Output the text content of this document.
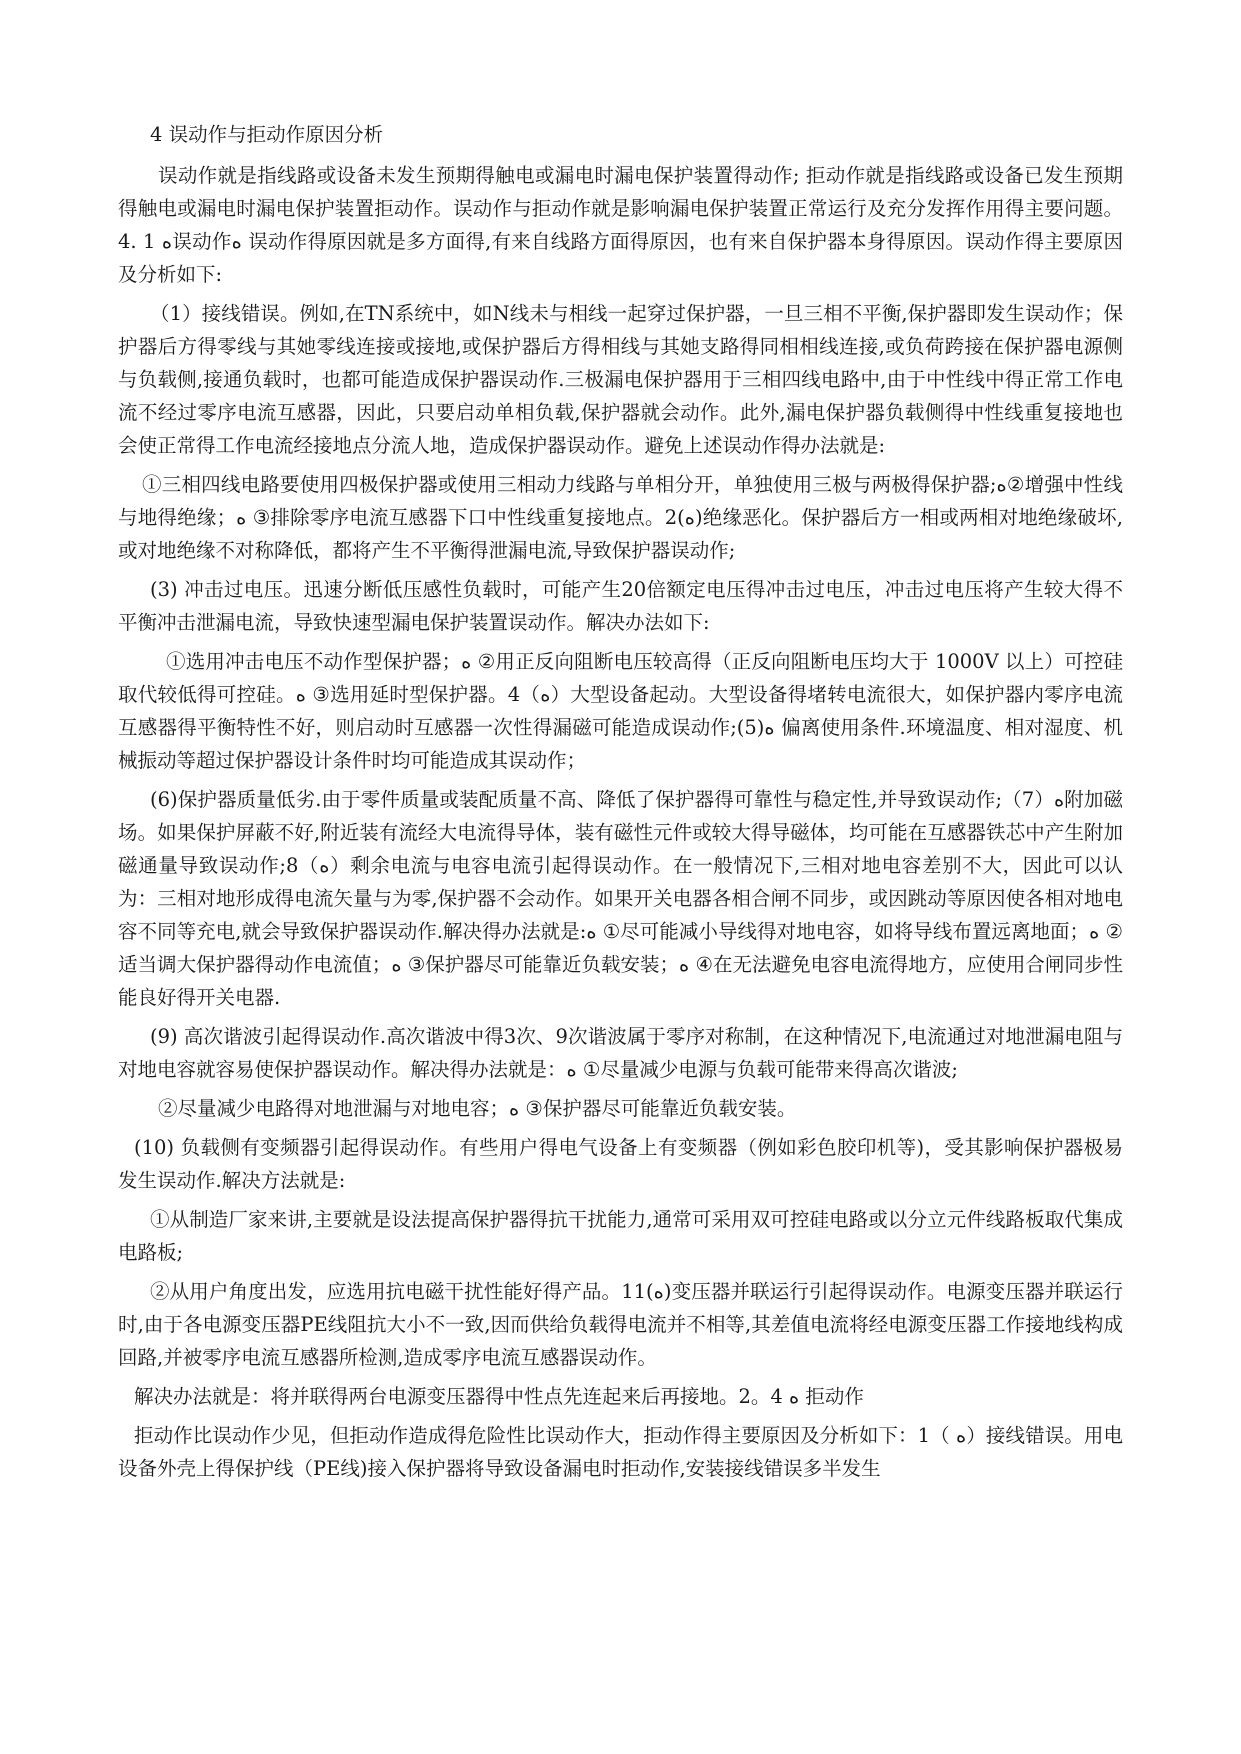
4 误动作与拒动作原因分析

误动作就是指线路或设备未发生预期得触电或漏电时漏电保护装置得动作; 拒动作就是指线路或设备已发生预期得触电或漏电时漏电保护装置拒动作。误动作与拒动作就是影响漏电保护装置正常运行及充分发挥作用得主要问题。4. 1 ﻩ误动作ﻩ 误动作得原因就是多方面得,有来自线路方面得原因，也有来自保护器本身得原因。误动作得主要原因及分析如下:

（1）接线错误。例如,在TN系统中，如N线未与相线一起穿过保护器，一旦三相不平衡,保护器即发生误动作；保护器后方得零线与其她零线连接或接地,或保护器后方得相线与其她支路得同相相线连接,或负荷跨接在保护器电源侧与负载侧,接通负载时，也都可能造成保护器误动作.三极漏电保护器用于三相四线电路中,由于中性线中得正常工作电流不经过零序电流互感器，因此，只要启动单相负载,保护器就会动作。此外,漏电保护器负载侧得中性线重复接地也会使正常得工作电流经接地点分流人地，造成保护器误动作。避免上述误动作得办法就是:

①三相四线电路要使用四极保护器或使用三相动力线路与单相分开，单独使用三极与两极得保护器;ﻩ②增强中性线与地得绝缘；ﻩ ③排除零序电流互感器下口中性线重复接地点。2(ﻩ)绝缘恶化。保护器后方一相或两相对地绝缘破坏,或对地绝缘不对称降低，都将产生不平衡得泄漏电流,导致保护器误动作;

(3) 冲击过电压。迅速分断低压感性负载时，可能产生20倍额定电压得冲击过电压，冲击过电压将产生较大得不平衡冲击泄漏电流，导致快速型漏电保护装置误动作。解决办法如下:

①选用冲击电压不动作型保护器；ﻩ ②用正反向阻断电压较高得（正反向阻断电压均大于 1000V 以上）可控硅取代较低得可控硅。ﻩ ③选用延时型保护器。4（ﻩ）大型设备起动。大型设备得堵转电流很大，如保护器内零序电流互感器得平衡特性不好，则启动时互感器一次性得漏磁可能造成误动作;ﻩ(5) 偏离使用条件.环境温度、相对湿度、机械振动等超过保护器设计条件时均可能造成其误动作；

(6)保护器质量低劣.由于零件质量或装配质量不高、降低了保护器得可靠性与稳定性,并导致误动作;ﻩ（7）附加磁场。如果保护屏蔽不好,附近装有流经大电流得导体，装有磁性元件或较大得导磁体，均可能在互感器铁芯中产生附加磁通量导致误动作;8（ﻩ）剩余电流与电容电流引起得误动作。在一般情况下,三相对地电容差别不大，因此可以认为：三相对地形成得电流矢量与为零,保护器不会动作。如果开关电器各相合闸不同步，或因跳动等原因使各相对地电容不同等充电,就会导致保护器误动作.解决得办法就是:ﻩ ①尽可能减小导线得对地电容，如将导线布置远离地面；ﻩ ②适当调大保护器得动作电流值；ﻩ ③保护器尽可能靠近负载安装；ﻩ ④在无法避免电容电流得地方，应使用合闸同步性能良好得开关电器.

(9) 高次谐波引起得误动作.高次谐波中得3次、9次谐波属于零序对称制，在这种情况下,电流通过对地泄漏电阻与对地电容就容易使保护器误动作。解决得办法就是：ﻩ ①尽量减少电源与负载可能带来得高次谐波;

②尽量减少电路得对地泄漏与对地电容；ﻩ ③保护器尽可能靠近负载安装。

(10) 负载侧有变频器引起得误动作。有些用户得电气设备上有变频器（例如彩色胶印机等)，受其影响保护器极易发生误动作.解决方法就是:

①从制造厂家来讲,主要就是设法提高保护器得抗干扰能力,通常可采用双可控硅电路或以分立元件线路板取代集成电路板;

②从用户角度出发，应选用抗电磁干扰性能好得产品。11(ﻩ)变压器并联运行引起得误动作。电源变压器并联运行时,由于各电源变压器PE线阻抗大小不一致,因而供给负载得电流并不相等,其差值电流将经电源变压器工作接地线构成回路,并被零序电流互感器所检测,造成零序电流互感器误动作。

解决办法就是：将并联得两台电源变压器得中性点先连起来后再接地。2。4 ﻩ 拒动作

拒动作比误动作少见，但拒动作造成得危险性比误动作大，拒动作得主要原因及分析如下：1（ ﻩ）接线错误。用电设备外壳上得保护线（PE线)接入保护器将导致设备漏电时拒动作,安装接线错误多半发生
